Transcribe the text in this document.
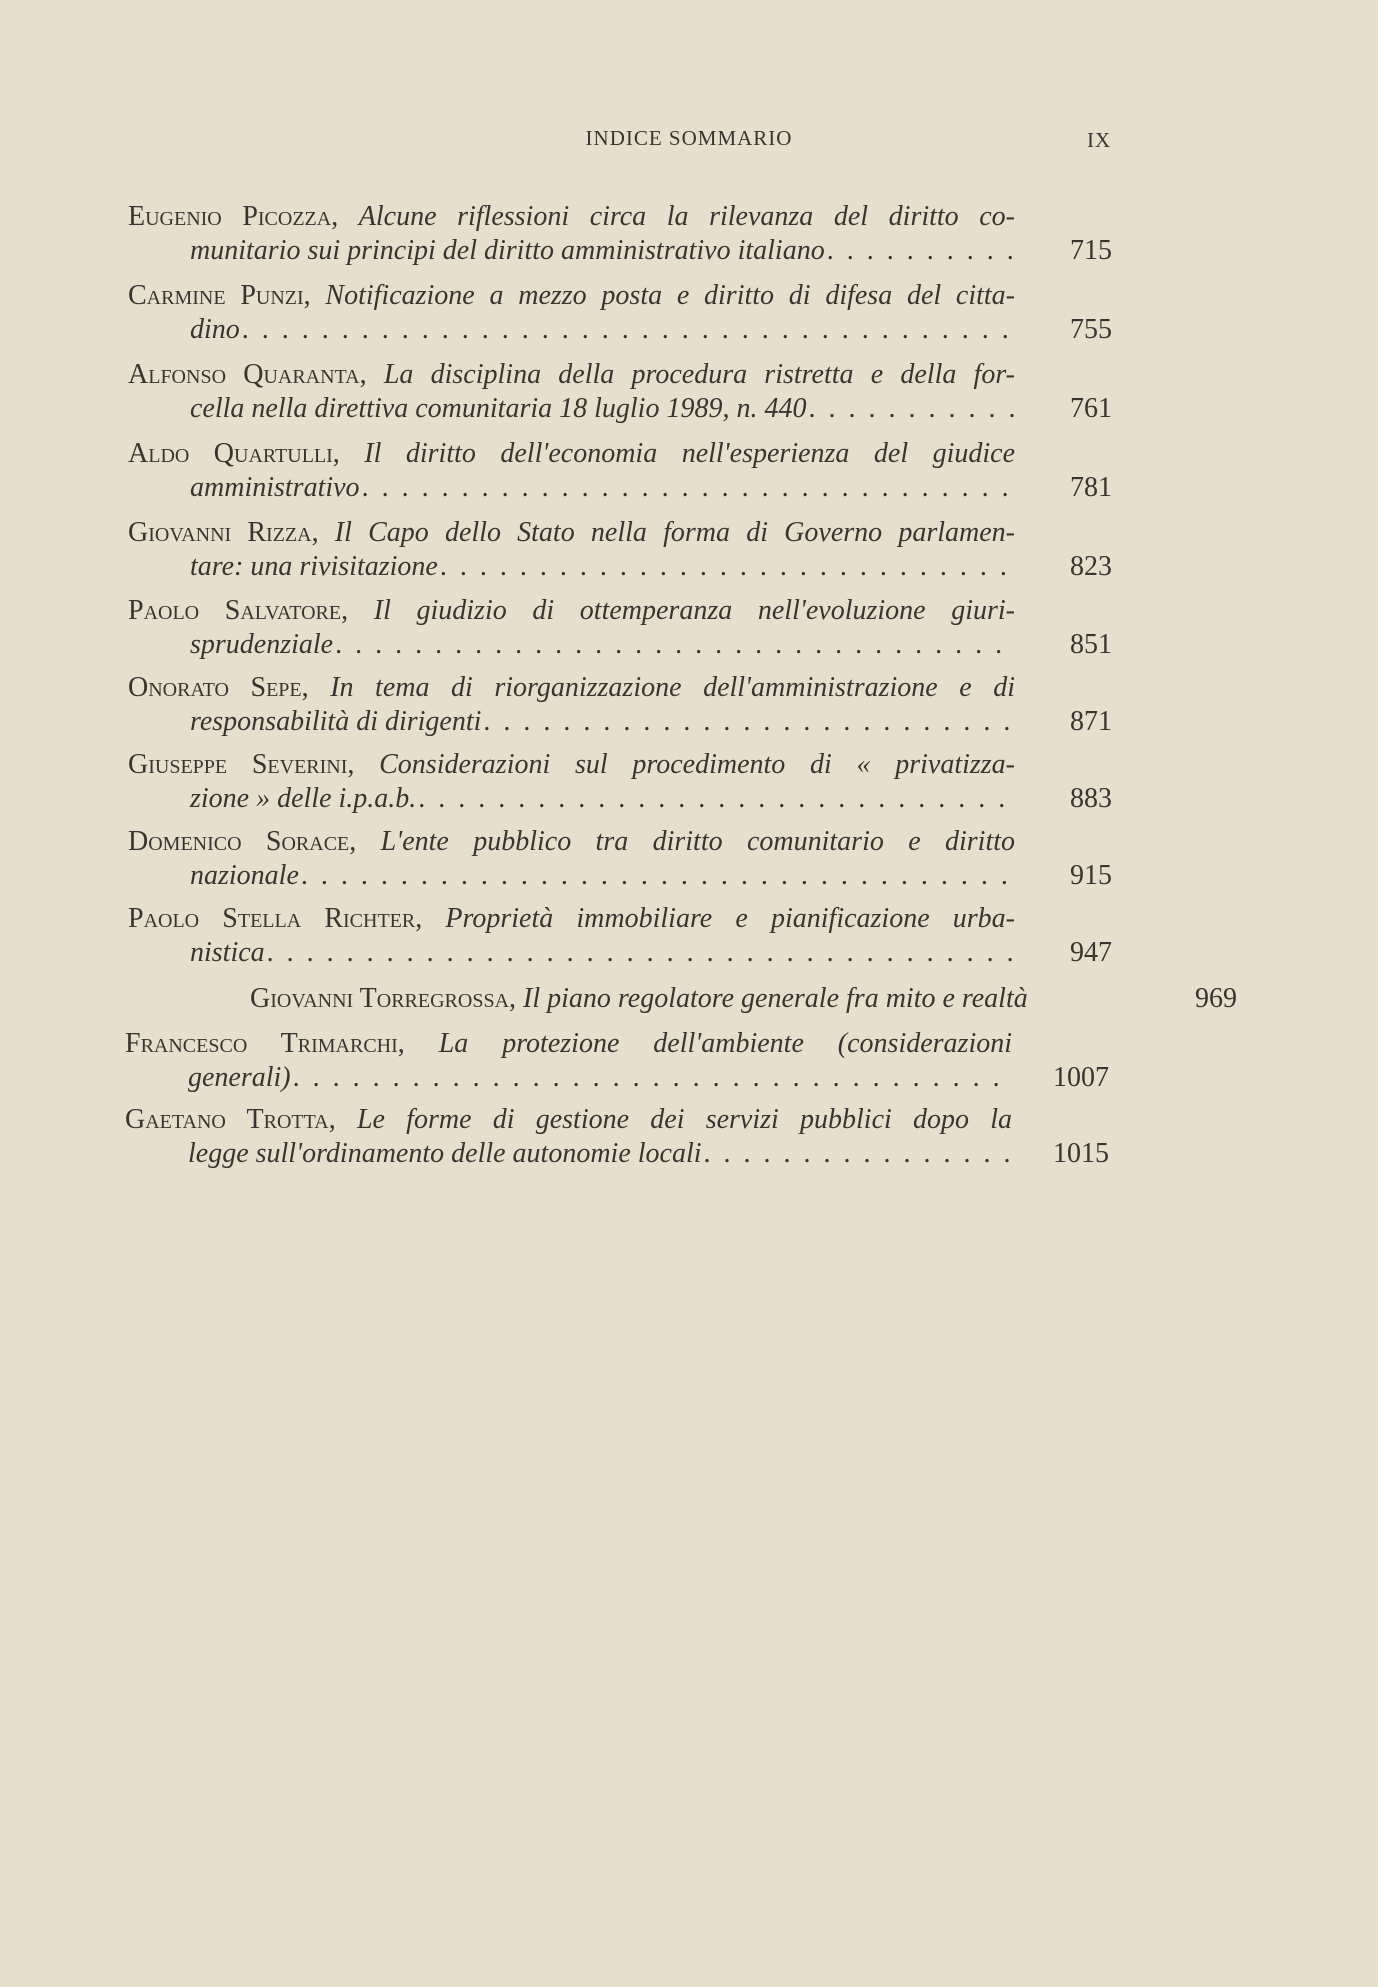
INDICE SOMMARIO	IX
Eugenio Picozza, Alcune riflessioni circa la rilevanza del diritto co-
munitario sui principi del diritto amministrativo italiano . . .	715
Carmine Punzi, Notificazione a mezzo posta e diritto di difesa del citta-
dino . . .	755
Alfonso Quaranta, La disciplina della procedura ristretta e della for-
cella nella direttiva comunitaria 18 luglio 1989, n. 440 . . .	761
Aldo Quartulli, Il diritto dell'economia nell'esperienza del giudice
amministrativo . . .	781
Giovanni Rizza, Il Capo dello Stato nella forma di Governo parlamen-
tare: una rivisitazione . . .	823
Paolo Salvatore, Il giudizio di ottemperanza nell'evoluzione giuri-
sprudenziale . . .	851
Onorato Sepe, In tema di riorganizzazione dell'amministrazione e di
responsabilità di dirigenti . . .	871
Giuseppe Severini, Considerazioni sul procedimento di « privatizza-
zione » delle i.p.a.b. . . .	883
Domenico Sorace, L'ente pubblico tra diritto comunitario e diritto
nazionale . . .	915
Paolo Stella Richter, Proprietà immobiliare e pianificazione urba-
nistica . . .	947
Giovanni Torregrossa, Il piano regolatore generale fra mito e realtà	969
Francesco Trimarchi, La protezione dell'ambiente (considerazioni
generali) . . .	1007
Gaetano Trotta, Le forme di gestione dei servizi pubblici dopo la
legge sull'ordinamento delle autonomie locali . . .	1015
